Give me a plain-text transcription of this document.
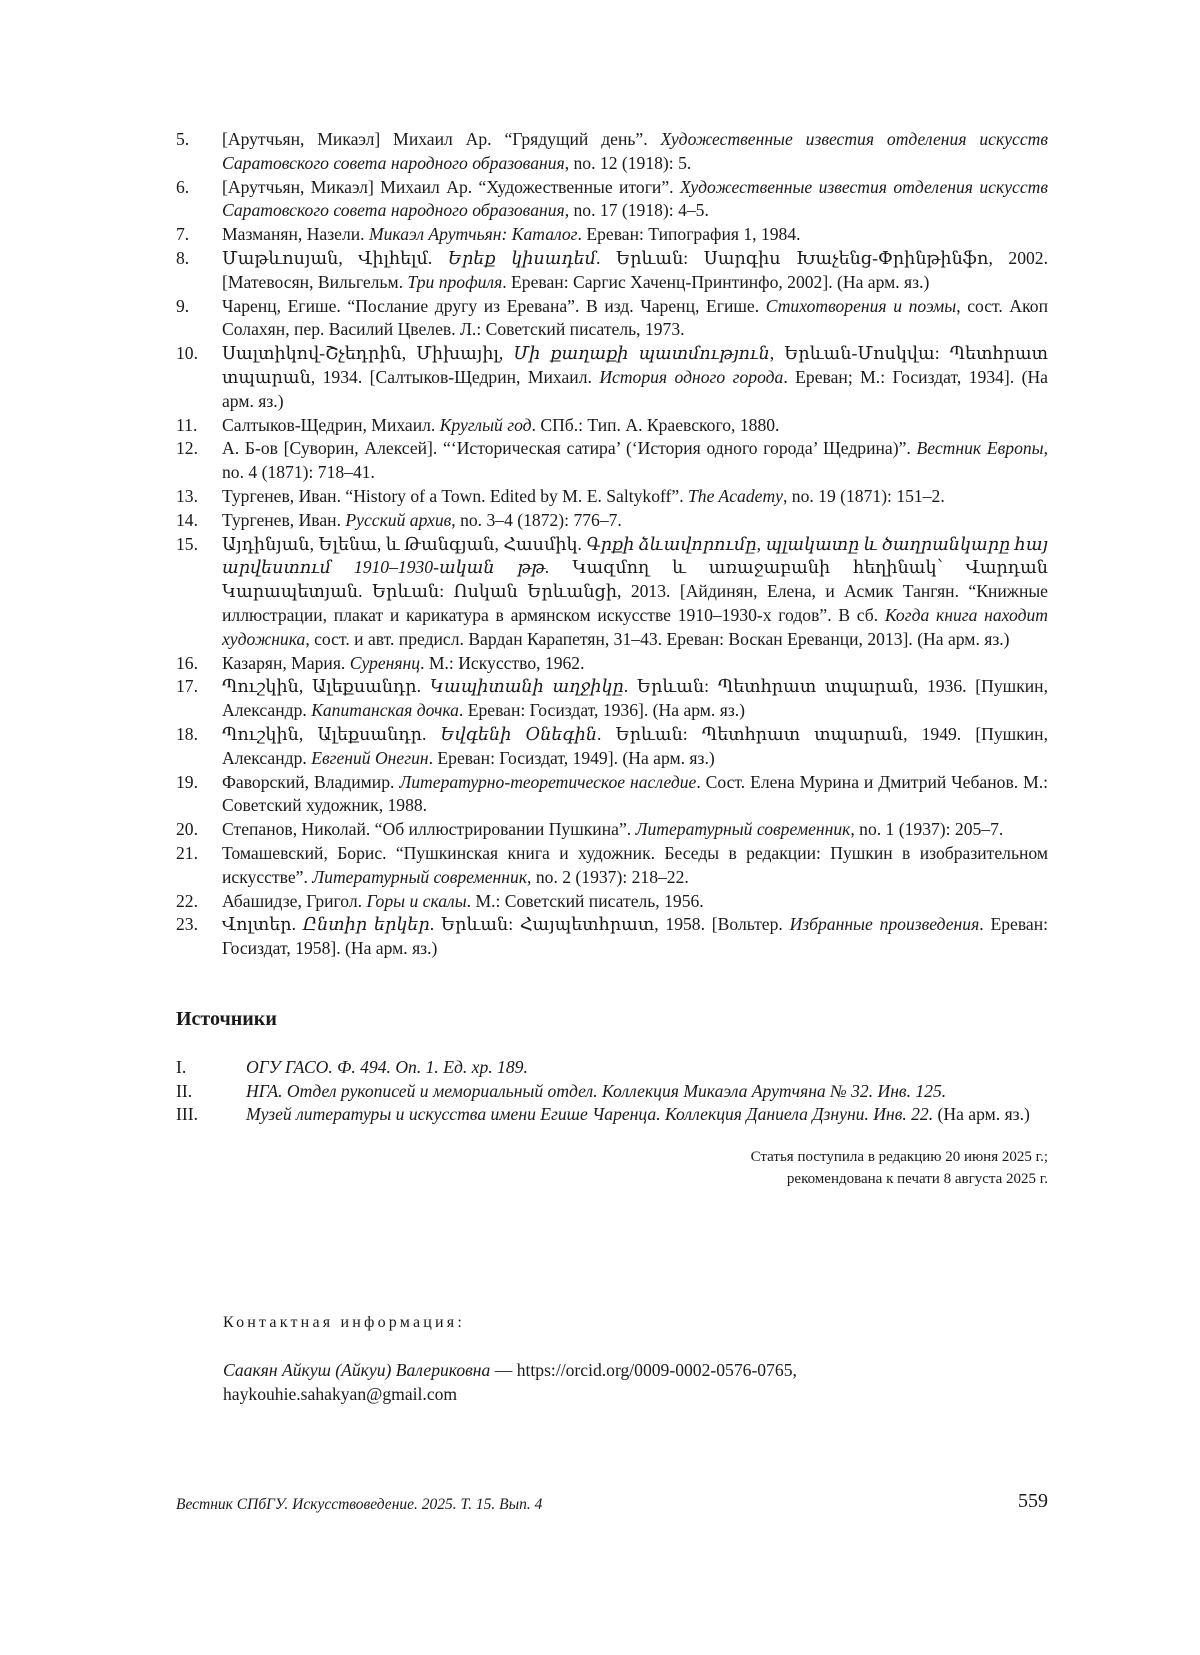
5.	[Арутчьян, Микаэл] Михаил Ар. “Грядущий день”. Художественные известия отделения искусств Саратовского совета народного образования, no. 12 (1918): 5.
6.	[Арутчьян, Микаэл] Михаил Ар. “Художественные итоги”. Художественные известия отделения искусств Саратовского совета народного образования, no. 17 (1918): 4–5.
7.	Мазманян, Назели. Микаэл Арутчьян: Каталог. Ереван: Типография 1, 1984.
8.	Մաթևոսյան, Վիլհելմ. Երեք կիսադեմ. Երևան: Սարգիս Խաչենց-Փրինթինֆո, 2002. [Матевосян, Вильгельм. Три профиля. Ереван: Саргис Хаченц-Принтинфо, 2002]. (На арм. яз.)
9.	Чаренц, Егише. “Послание другу из Еревана”. В изд. Чаренц, Егише. Стихотворения и поэмы, сост. Акоп Солахян, пер. Василий Цвелев. Л.: Советский писатель, 1973.
10.	Սալտիկով-Շչեդրին, Միխայիլ, Մի քաղաքի պատմություն, Երևան-Մոսկվա: Պետհրատ տպարան, 1934. [Салтыков-Щедрин, Михаил. История одного города. Ереван; М.: Госиздат, 1934]. (На арм. яз.)
11.	Салтыков-Щедрин, Михаил. Круглый год. СПб.: Тип. А. Краевского, 1880.
12.	А. Б-ов [Суворин, Алексей]. “‘Историческая сатира’ (‘История одного города’ Щедрина)”. Вестник Европы, no. 4 (1871): 718–41.
13.	Тургенев, Иван. “History of a Town. Edited by M. E. Saltykoff”. The Academy, no. 19 (1871): 151–2.
14.	Тургенев, Иван. Русский архив, no. 3–4 (1872): 776–7.
15.	Այդինյան, Ելենա, և Թանգյան, Հասմիկ. Գրքի ձևավորումը, պլակատը և ծաղրանկարը հայ արվեստում 1910–1930-ական թթ. Կազմող և առաջաբանի հեղինակ՝ Վարդան Կարապետյան. Երևան: Ոսկան Երևանցի, 2013. [Айдинян, Елена, и Асмик Тангян. “Книжные иллюстрации, плакат и карикатура в армянском искусстве 1910–1930-х годов”. В сб. Когда книга находит художника, сост. и авт. предисл. Вардан Карапетян, 31–43. Ереван: Воскан Ереванци, 2013]. (На арм. яз.)
16.	Казарян, Мария. Суренянц. М.: Искусство, 1962.
17.	Պուշկին, Ալեքսանդր. Կապիտանի աղջիկը. Երևան: Պետհրատ տպարան, 1936. [Пушкин, Александр. Капитанская дочка. Ереван: Госиздат, 1936]. (На арм. яз.)
18.	Պուշկին, Ալեքսանդր. Եվգենի Օնեգին. Երևան: Պետհրատ տպարան, 1949. [Пушкин, Александр. Евгений Онегин. Ереван: Госиздат, 1949]. (На арм. яз.)
19.	Фаворский, Владимир. Литературно-теоретическое наследие. Сост. Елена Мурина и Дмитрий Чебанов. М.: Советский художник, 1988.
20.	Степанов, Николай. “Об иллюстрировании Пушкина”. Литературный современник, no. 1 (1937): 205–7.
21.	Томашевский, Борис. “Пушкинская книга и художник. Беседы в редакции: Пушкин в изобразительном искусстве”. Литературный современник, no. 2 (1937): 218–22.
22.	Абашидзе, Григол. Горы и скалы. М.: Советский писатель, 1956.
23.	Վոլտեր. Ընտիր երկեր. Երևան: Հայպետհրատ, 1958. [Вольтер. Избранные произведения. Ереван: Госиздат, 1958]. (На арм. яз.)
Источники
I.	ОГУ ГАСО. Ф. 494. Оп. 1. Ед. хр. 189.
II.	НГА. Отдел рукописей и мемориальный отдел. Коллекция Микаэла Арутчяна № 32. Инв. 125.
III.	Музей литературы и искусства имени Егише Чаренца. Коллекция Даниела Дзнуни. Инв. 22. (На арм. яз.)
Статья поступила в редакцию 20 июня 2025 г.;
рекомендована к печати 8 августа 2025 г.
Контактная информация:
Саакян Айкуш (Айкуи) Валериковна — https://orcid.org/0009-0002-0576-0765,
haykouhie.sahakyan@gmail.com
Вестник СПбГУ. Искусствоведение. 2025. Т. 15. Вып. 4	559
